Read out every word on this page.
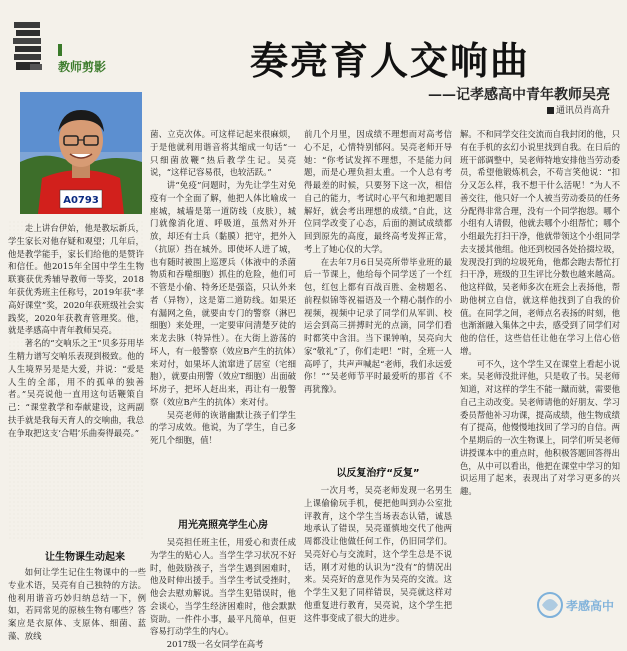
教师剪影
A0793

走上讲台伊始，他是教坛新兵，学生家长对他存疑和观望；几年后，他是教学能手，家长们给他的是赞许和信任。他2015年全国中学生生物联赛获优秀辅导教师一等奖，2018年获优秀班主任称号，2019年获“孝高好课堂”奖，2020年获班级社会实践奖，2020年获教育管理奖。他，就是孝感高中青年教师吴亮。

著名的“交响乐之王”贝多芬用毕生精力谱写交响乐表现到极致。他的人生境界另是是大爱，并说：“爱是人生的全部，用不的孤单的独善者。”吴亮说他一直用这句话鞭策自己：“课堂教学和奉献建设，这两副扶手就是我每天育人的交响曲，我总在争取把这支‘合唱’乐曲奏得最亮。”

让生物课生动起来

如何让学生记住生物课中的一些专业术语，吴亮有自己独特的方法。他利用谐音巧妙归纳总结一下，例如，若同常见的原核生物有哪些？答案应是衣原体、支原体、细菌、蓝藻、放线

奏亮育人交响曲
——记孝感高中青年教师吴亮
通讯员肖高升

菌、立克次体。可这样记起来很麻烦，于是他就利用谐音将其缩成一句话“一只细菌放鞭”热后教学生记。吴亮说，“这样记容易很，也较活跃。”

讲“免疫”问题时，为先让学生对免疫有一个全面了解，他把人体比喻成一座城，城墙是第一道防线（皮肤），城门就像消化道、呼吸道，虽然对外开放，却还有士兵（黏膜）把守，把外入（抗原）挡在城外。即使坏人进了城，也有随时被围上巡逻兵（体液中的杀菌物质和吞噬细胞）抓住的危险，他们可不管是小偷、特务还是强盗，只认外来者（异物），这是第二道防线。如果还有漏网之鱼，就要由专门的警察（淋巴细胞）来处理，一定要审问清楚歹徒的来龙去脉（特异性）。在大街上游荡的坏人，有一般警察（效应B产生的抗体）来对付，如果坏人流窜进了居室（宅细胞），就要由刑警（效应T细胞）出面破坏房子，把坏人赶出来，再让有一般警察（效应B产生的抗体）来对付。

吴亮老师的诙谐幽默让孩子们学生的学习成效。他说，为了学生，自己多死几个细胞，值！

用光亮照亮学生心房

吴亮担任班主任，用爱心和责任成为学生的贴心人。当学生学习状况不好时，他鼓励孩子，当学生遇到困难时，他及时伸出援手。当学生考试受挫时，他会去慰劝解说。当学生犯错误时，他会谈心，当学生经济困难时，他会默默资助。一件件小事，最平凡简单，但更容易打动学生的内心。

2017级一名女同学在高考

前几个月里，因成绩不理想而对高考信心不足，心情特别郁闷。吴亮老师开导她：“你考试发挥不理想，不是能力问题，而是心理负担太重。一个人总有考得最差的时候，只要努下这一次，相信自己的能力，考试时心平气和地把题目解好，就会考出理想的成绩。”自此，这位同学改变了心态，后面的测试成绩都回到原先的高度，最终高考发挥正常，考上了她心仪的大学。

在去年7月6日吴亮所带毕业班的最后一节课上，他给每个同学送了一个红包，红包上都有百战百胜、金榜题名、前程似锦等祝福语及一个精心制作的小视频，视频中记录了同学们从军训、校运会到高三拼搏时光的点滴，同学们看时都笑中含泪。当下课钟响，吴亮向大家“敬礼”了，你们走吧！”时，全班一人高呼了，共声声喊起“老师，我们永远爱你！”“吴老师节平时最爱听的那首《不再犹豫》。

以反复治疗“反复”

一次月考，吴亮老师发现一名男生上课偷偷玩手机，便把他叫到办公室批评教育，这个学生当场表态认错，诚恳地承认了错误，吴亮谨慎地交代了他两周都没让他做任何工作，仍旧同学们。吴亮好心与交流时，这个学生总是不说话，刚才对他的认识为“没有”的情况出来。吴亮好的意见作为吴亮的交流。这个学生又犯了同样错误，吴亮就这样对他重复进行教育，吴亮说，这个学生把这件事变成了很大的进步。

解。不和同学交往交流而自我封闭的他，只有在手机的玄幻小说里找到自我。在日后的班干部调整中，吴老师特地安排他当劳动委员，希望他锻炼机会，不苟言笑他说：“扣分又怎么样，我不想干什么活呢！”为人不善交往，他只好一个人被当劳动委员的任务分配得非常合理，没有一个同学抱怨。哪个小组有人请假，他就去哪个小组帮忙；哪个小组最先打扫干净，他就带领这个小组同学去支援其他组。他还到校园各处拾掇垃圾，发现没打到的垃圾死角，他都会跑去帮忙打扫干净，班级的卫生评比分数也越来越高。他这样做，吴老师多次在班会上表扬他，帮助他树立自信，就这样他找到了自我的价值。在同学之间，老师点名表扬的时刻，他也渐渐融入集体之中去，感受到了同学们对他的信任，这些信任让他在学习上信心倍增。

可不久，这个学生又在课堂上看起小说来。吴老师没批评他，只是收了书。吴老师知道，对这样的学生不能一蹴而就，需要他自己主动改变。吴老师请他的好朋友、学习委员帮他补习功课，提高成绩，他生物成绩有了提高，他慢慢地找回了学习的自信。两个星期后的一次生物课上，同学们听吴老师讲授课本中的重点时，他积极答题回答得出色，从中可以看出，他把在课堂中学习的知识运用了起来，表现出了对学习更多的兴趣。

孝感高中
